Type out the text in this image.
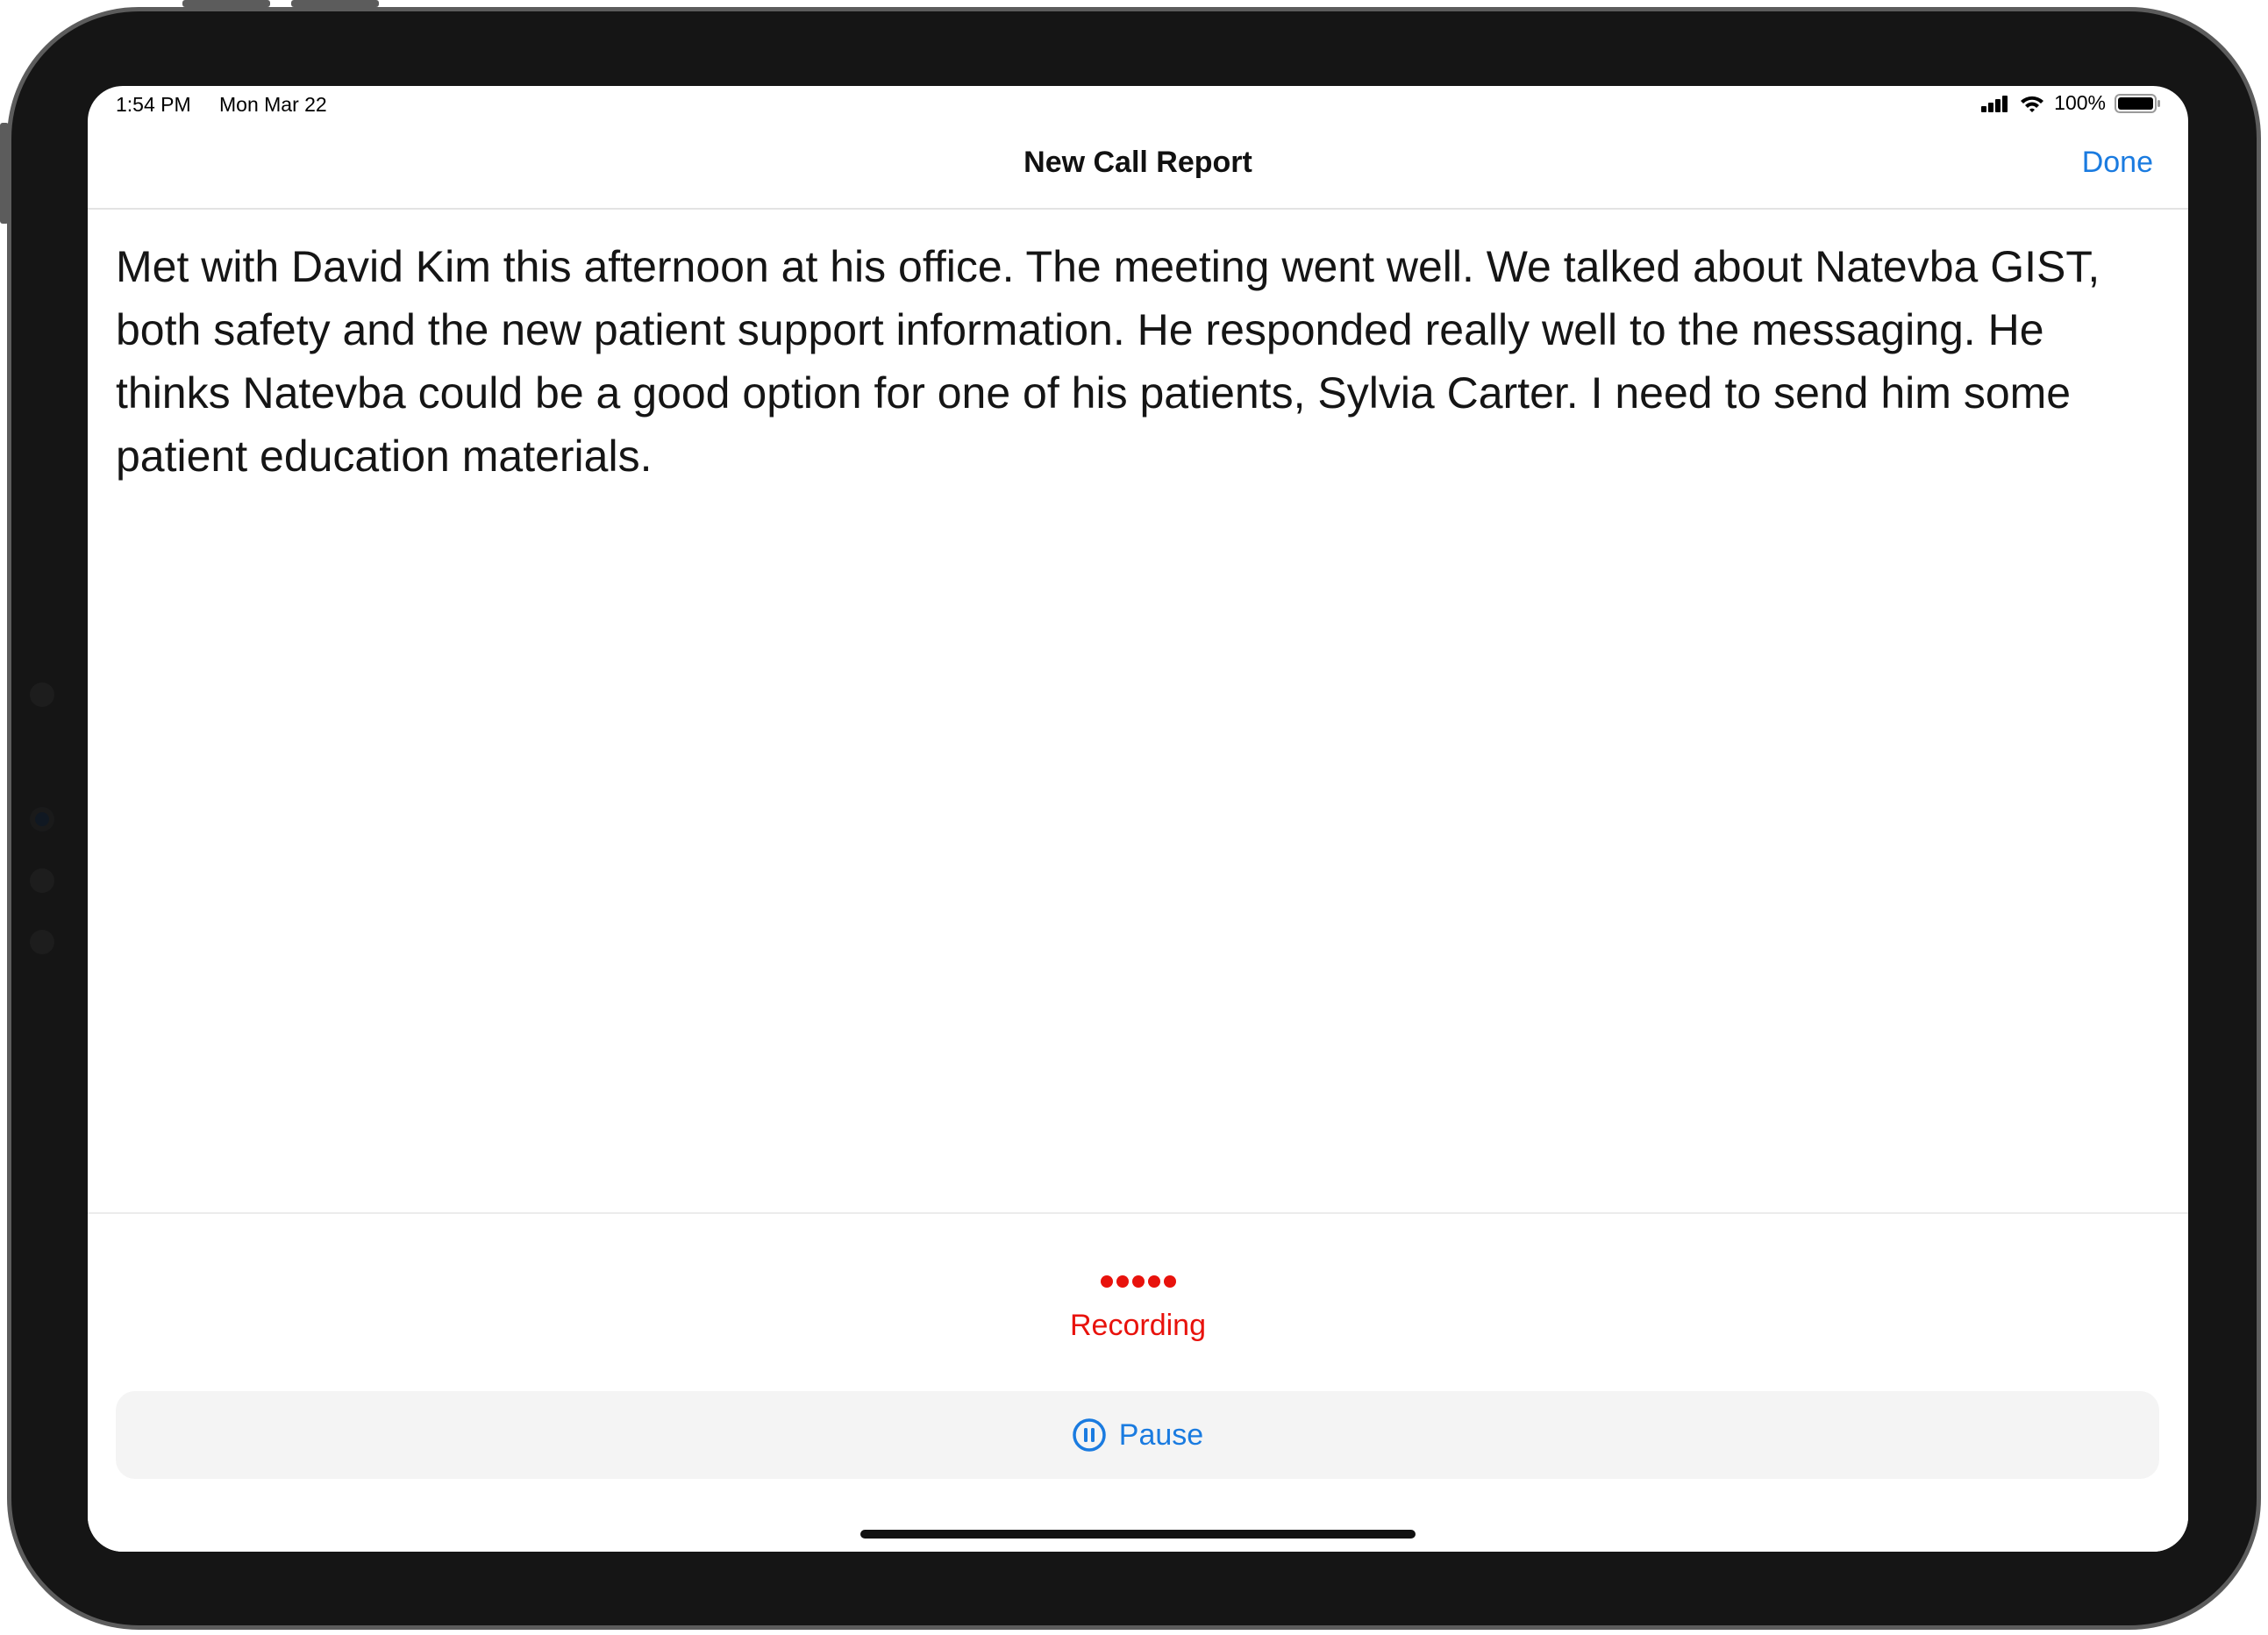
1:54 PM Mon Mar 22	100%
New Call Report	Done
Met with David Kim this afternoon at his office. The meeting went well. We talked about Natevba GIST, both safety and the new patient support information. He responded really well to the messaging. He thinks Natevba could be a good option for one of his patients, Sylvia Carter. I need to send him some patient education materials.
Recording
Pause
